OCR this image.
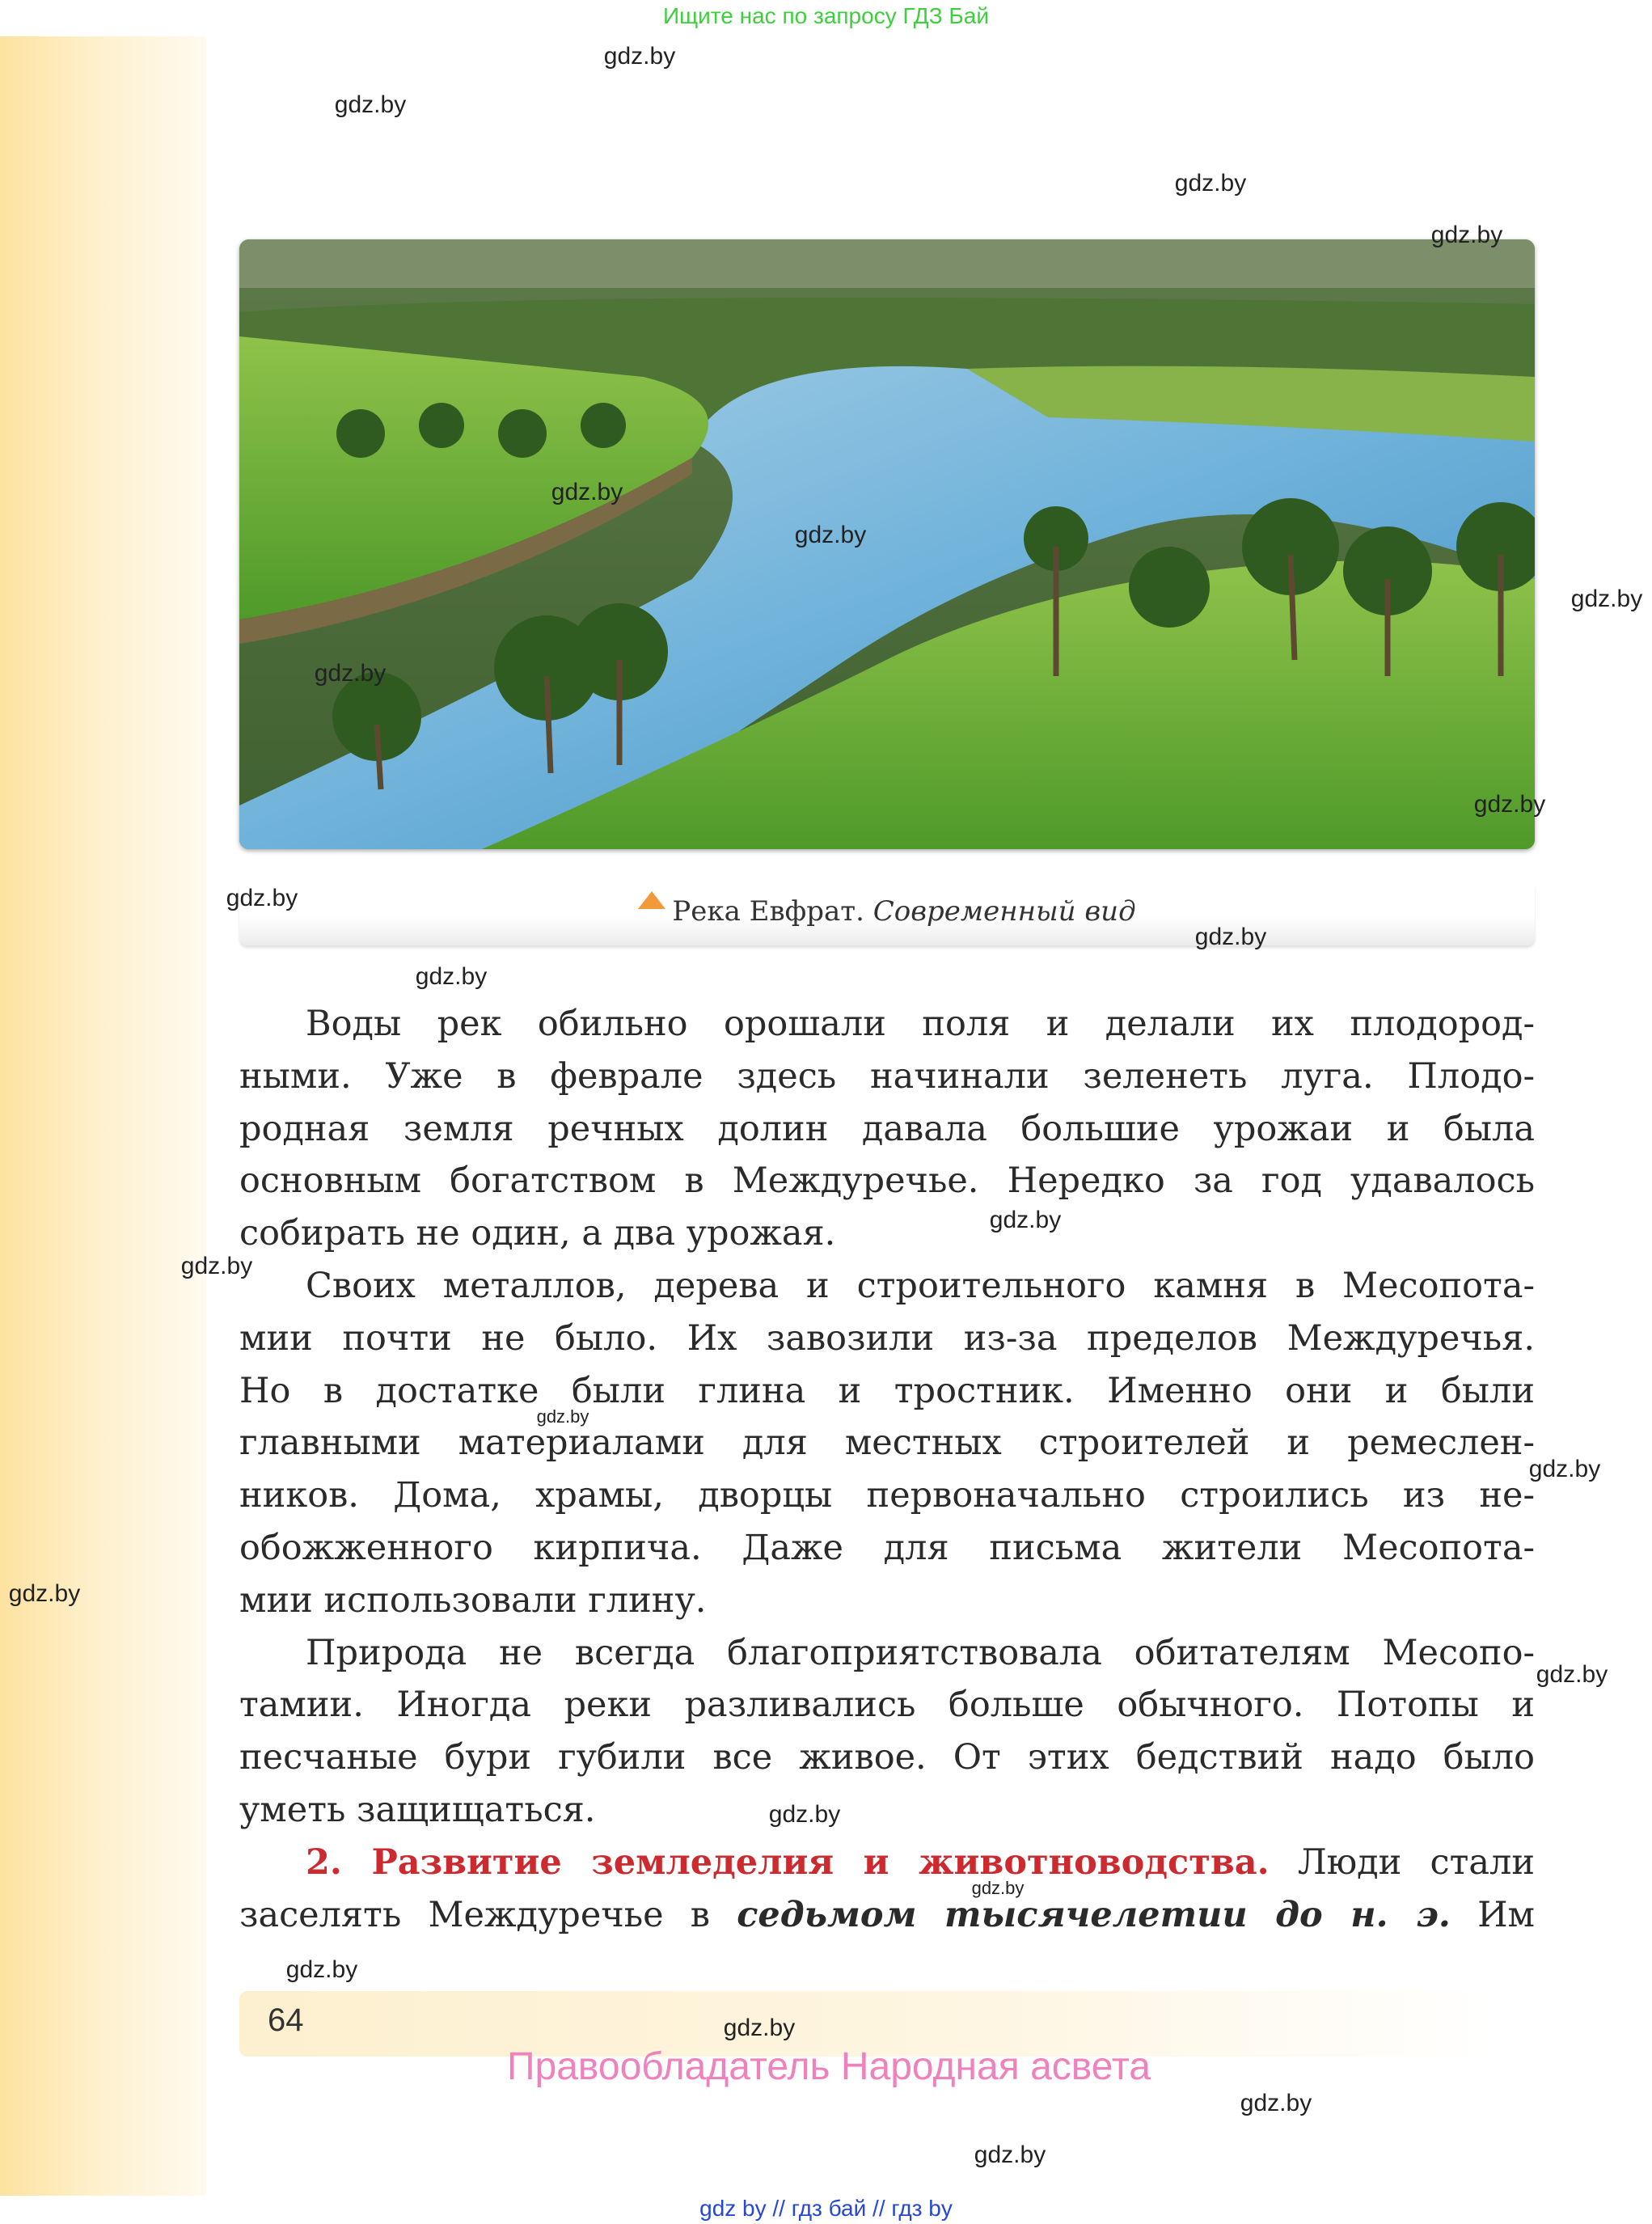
Ищите нас по запросу ГДЗ Бай
Река Евфрат. Современный вид
Воды рек обильно орошали поля и делали их плодород-
ными. Уже в феврале здесь начинали зеленеть луга. Плодо-
родная земля речных долин давала большие урожаи и была
основным богатством в Междуречье. Нередко за год удавалось
собирать не один, а два урожая.
Своих металлов, дерева и строительного камня в Месопота-
мии почти не было. Их завозили из-за пределов Междуречья.
Но в достатке были глина и тростник. Именно они и были
главными материалами для местных строителей и ремеслен-
ников. Дома, храмы, дворцы первоначально строились из не-
обожженного кирпича. Даже для письма жители Месопота-
мии использовали глину.
Природа не всегда благоприятствовала обитателям Месопо-
тамии. Иногда реки разливались больше обычного. Потопы и
песчаные бури губили все живое. От этих бедствий надо было
уметь защищаться.
2. Развитие земледелия и животноводства. Люди стали
заселять Междуречье в седьмом тысячелетии до н. э. Им
64
Правообладатель Народная асвета
gdz by // гдз бай // гдз by
gdz.by
gdz.by
gdz.by
gdz.by
gdz.by
gdz.by
gdz.by
gdz.by
gdz.by
gdz.by
gdz.by
gdz.by
gdz.by
gdz.by
gdz.by
gdz.by
gdz.by
gdz.by
gdz.by
gdz.by
gdz.by
gdz.by
gdz.by
gdz.by
